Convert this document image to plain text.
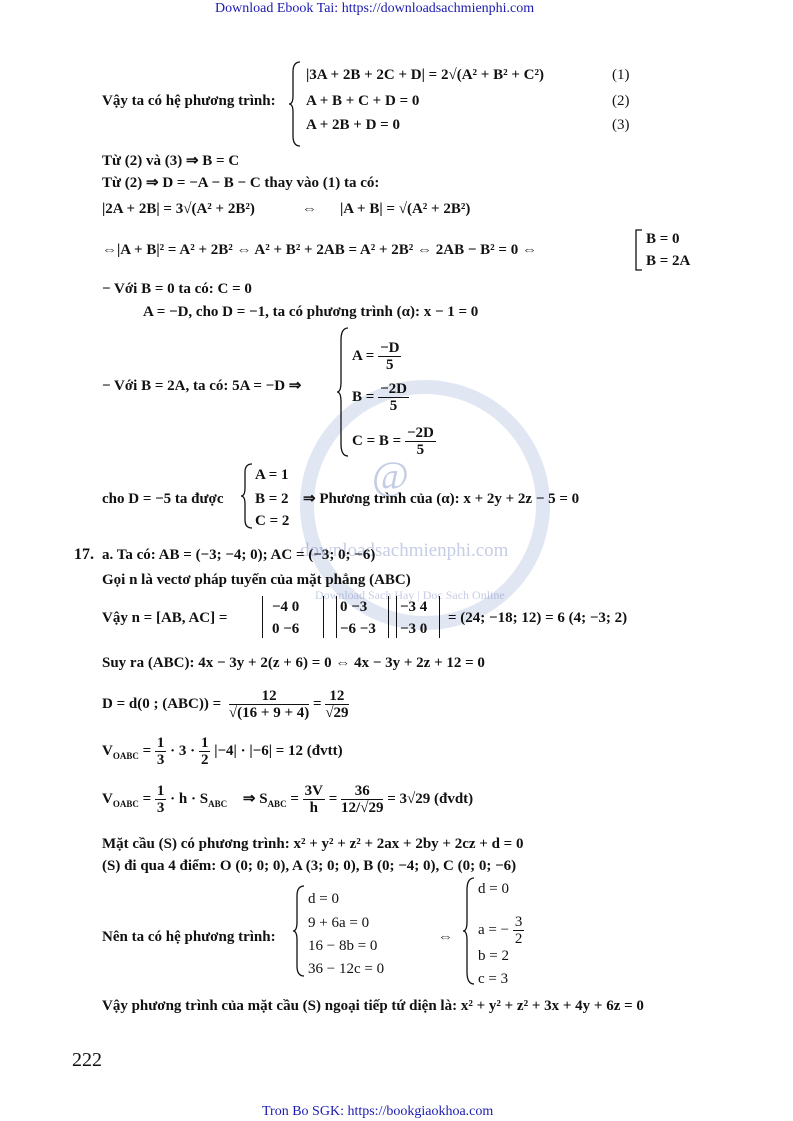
Download Ebook Tai: https://downloadsachmienphi.com
Tron Bo SGK: https://bookgiaokhoa.com
222
downloadsachmienphi.com
Download Sach Hay | Doc Sach Online
@
Vậy ta có hệ phương trình:
|3A + 2B + 2C + D| = 2√(A² + B² + C²)
A + B + C + D = 0
A + 2B + D = 0
(1)
(2)
(3)
Từ (2) và (3) ⇒ B = C
Từ (2) ⇒ D = −A − B − C thay vào (1) ta có:
|2A + 2B| = 3√(A² + 2B²)	⇔ |A + B| = √(A² + 2B²)
⇔|A + B|² = A² + 2B² ⇔ A² + B² + 2AB = A² + 2B² ⇔ 2AB − B² = 0 ⇔
B = 0
B = 2A
− Với B = 0 ta có: C = 0
A = −D, cho D = −1, ta có phương trình (α): x − 1 = 0
− Với B = 2A, ta có: 5A = −D ⇒
$A = \frac{-D}{5}$
$B = \frac{-2D}{5}$
$C = B = \frac{-2D}{5}$
cho D = −5 ta được
A = 1
B = 2
C = 2
⇒ Phương trình của (α): x + 2y + 2z − 5 = 0
17. a. Ta có: AB = (−3; −4; 0); AC = (−3; 0; −6)
Gọi n là vectơ pháp tuyến của mặt phẳng (ABC)
Vậy n = [AB, AC] =
−4 0
0 −6
0 −3
−6 −3
−3 4
−3 0
= (24; −18; 12) = 6 (4; −3; 2)
Suy ra (ABC): 4x − 3y + 2(z + 6) = 0 ⇔ 4x − 3y + 2z + 12 = 0
D = d(0 ; $(ABC)) = \frac{12}{√(16 + 9 + 4)} = \frac{12}{√29}$
$V_{OABC} = \frac{1}{3} \cdot 3 \cdot \frac{1}{2} |-4| \cdot |-6| = 12$ (đvtt)
$V_{OABC} = \frac{1}{3} \cdot h \cdot S_{ABC}$ ⇒ $S_{ABC} = \frac{3V}{h} = \frac{36}{12/√29} = 3√29$ (đvdt)
Mặt cầu (S) có phương trình: x² + y² + z² + 2ax + 2by + 2cz + d = 0
(S) đi qua 4 điểm: O (0; 0; 0), A (3; 0; 0), B (0; −4; 0), C (0; 0; −6)
Nên ta có hệ phương trình:
d = 0
9 + 6a = 0
16 − 8b = 0
36 − 12c = 0
⇔
d = 0
a = − $\frac{3}{2}$
b = 2
c = 3
Vậy phương trình của mặt cầu (S) ngoại tiếp tứ diện là: x² + y² + z² + 3x + 4y + 6z = 0
